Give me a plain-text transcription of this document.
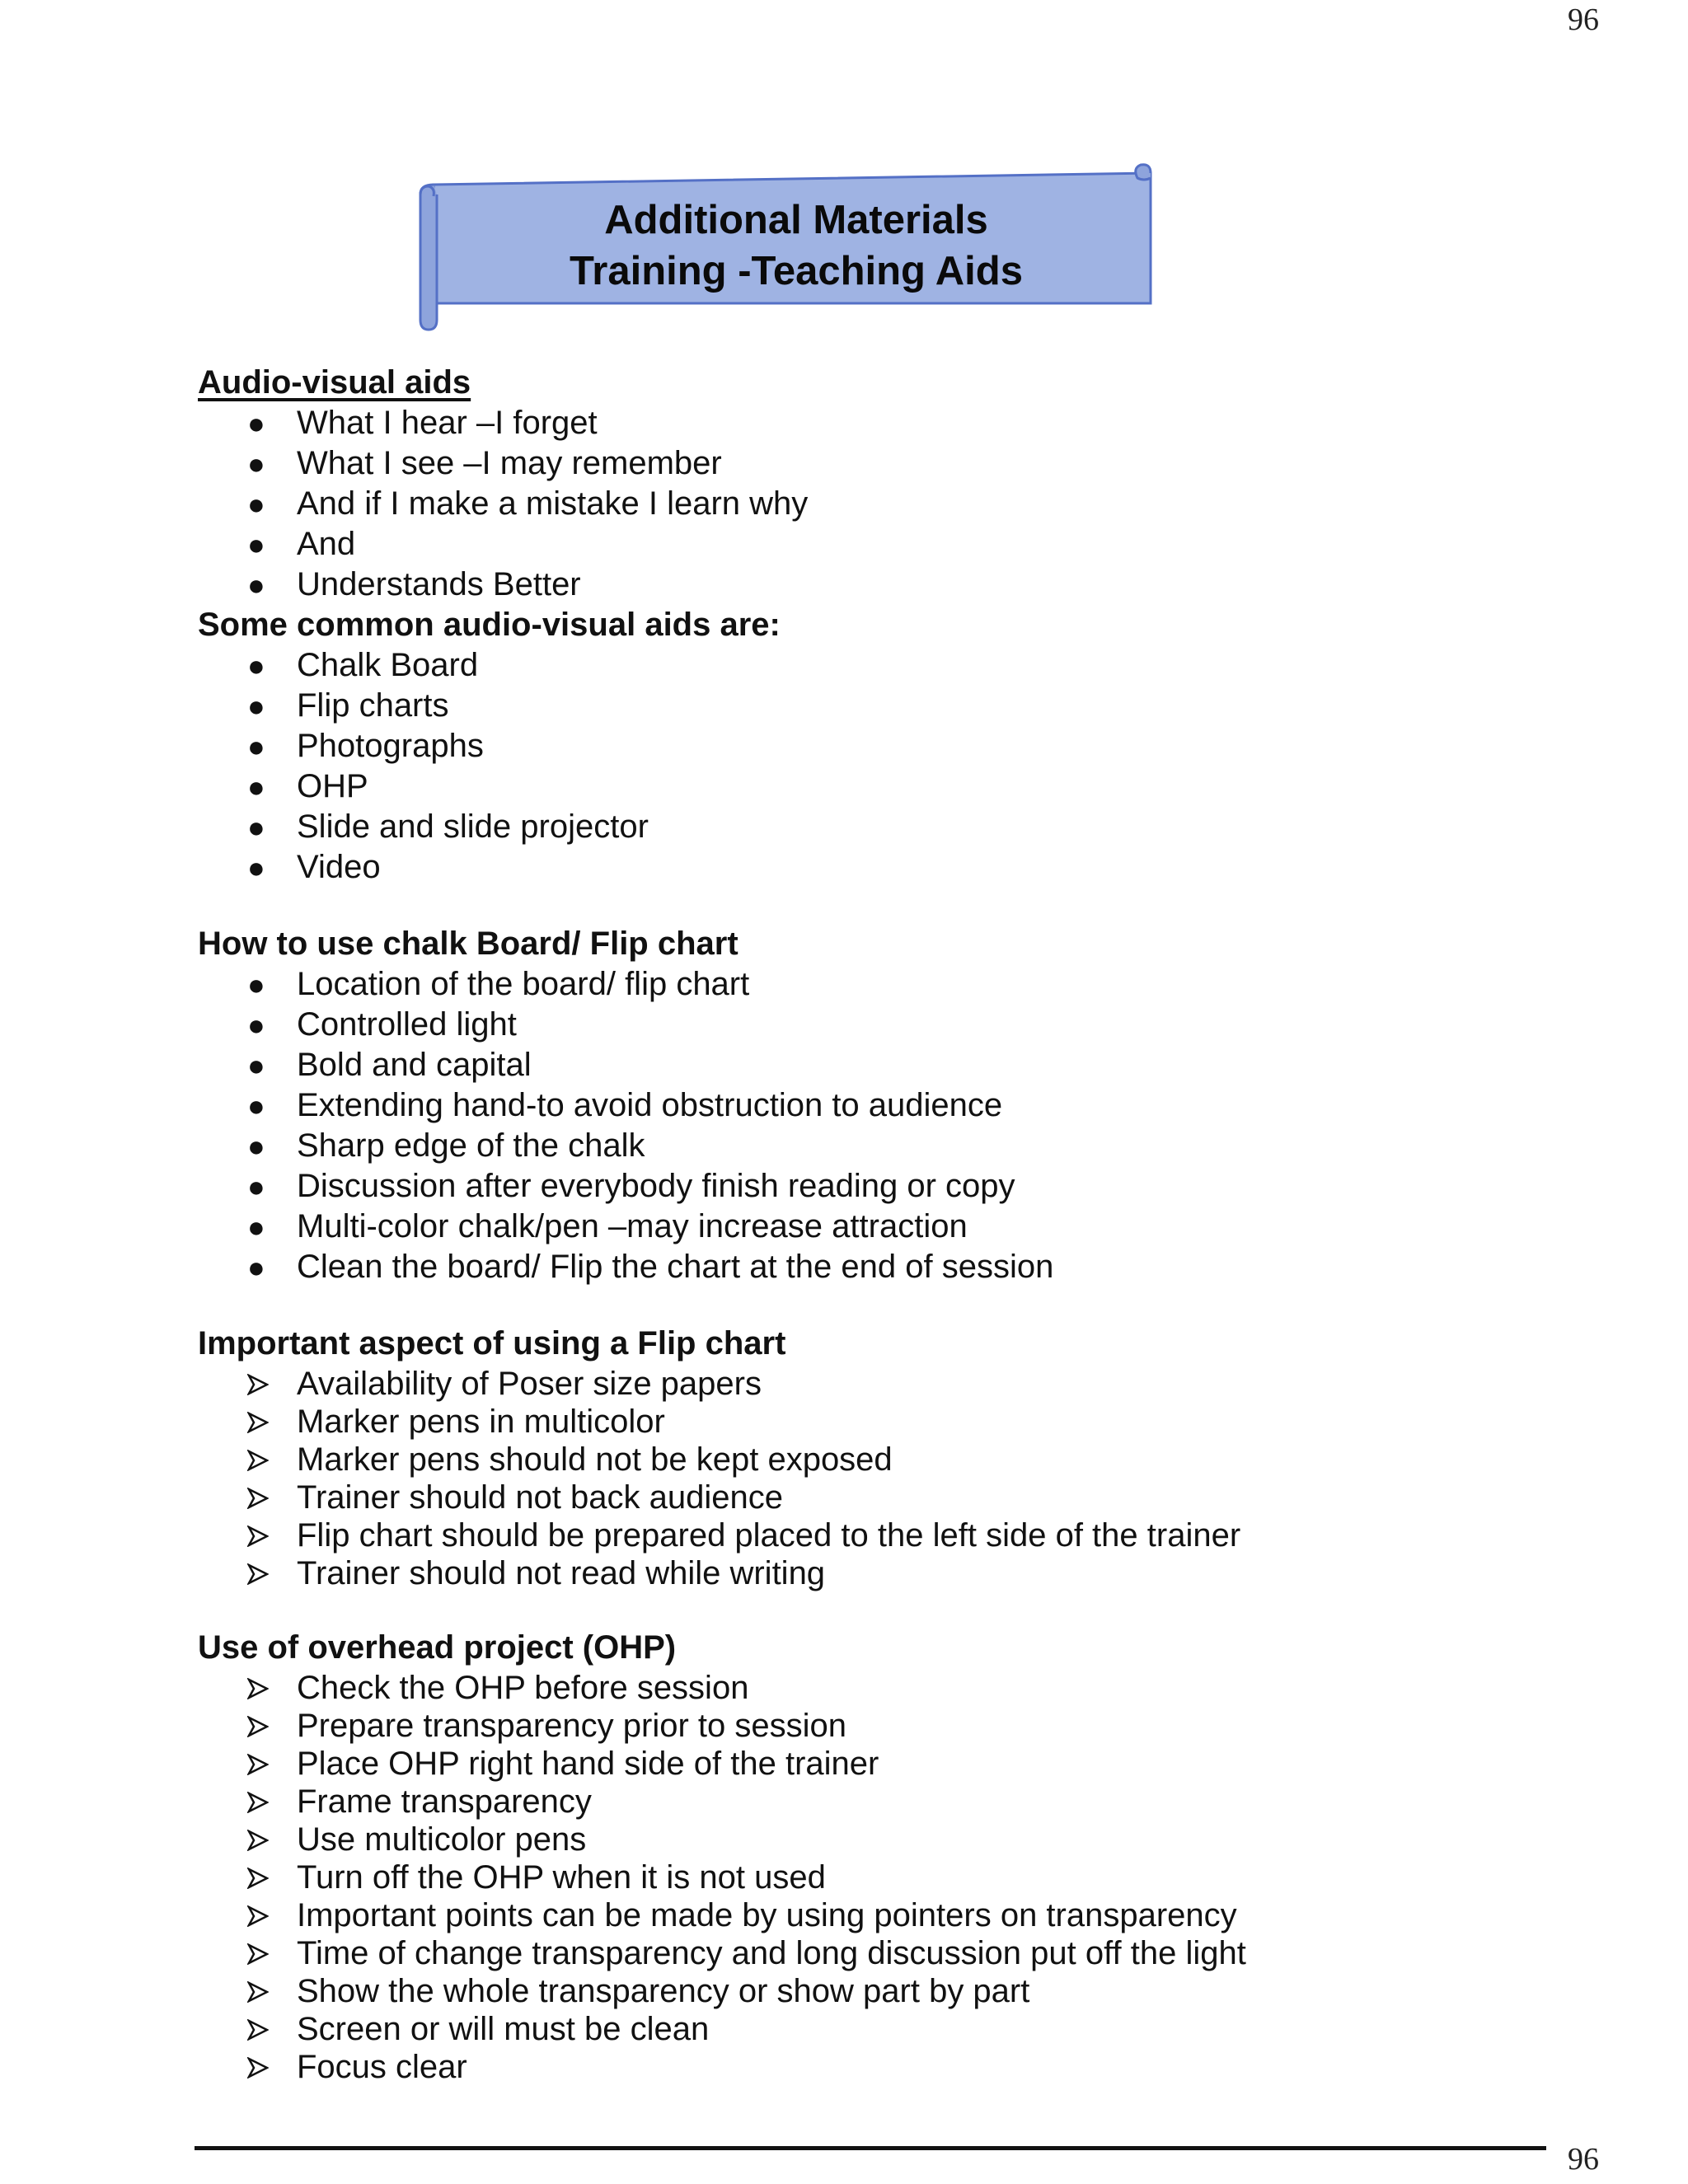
96
Additional Materials
Training -Teaching Aids
Audio-visual aids
● What I hear –I forget
● What I see –I may remember
● And if I make a mistake I learn why
● And
● Understands Better
Some common audio-visual aids are:
● Chalk Board
● Flip charts
● Photographs
● OHP
● Slide and slide projector
● Video
How to use chalk Board/ Flip chart
● Location of the board/ flip chart
● Controlled light
● Bold and capital
● Extending hand-to avoid obstruction to audience
● Sharp edge of the chalk
● Discussion after everybody finish reading or copy
● Multi-color chalk/pen –may increase attraction
● Clean the board/ Flip the chart at the end of session
Important aspect of using a Flip chart
Availability of Poser size papers
Marker pens in multicolor
Marker pens should not be kept exposed
Trainer should not back audience
Flip chart should be prepared placed to the left side of the trainer
Trainer should not read while writing
Use of overhead project (OHP)
Check the OHP before session
Prepare transparency prior to session
Place OHP right hand side of the trainer
Frame transparency
Use multicolor pens
Turn off the OHP when it is not used
Important points can be made by using pointers on transparency
Time of change transparency and long discussion put off the light
Show the whole transparency or show part by part
Screen or will must be clean
Focus clear
96
